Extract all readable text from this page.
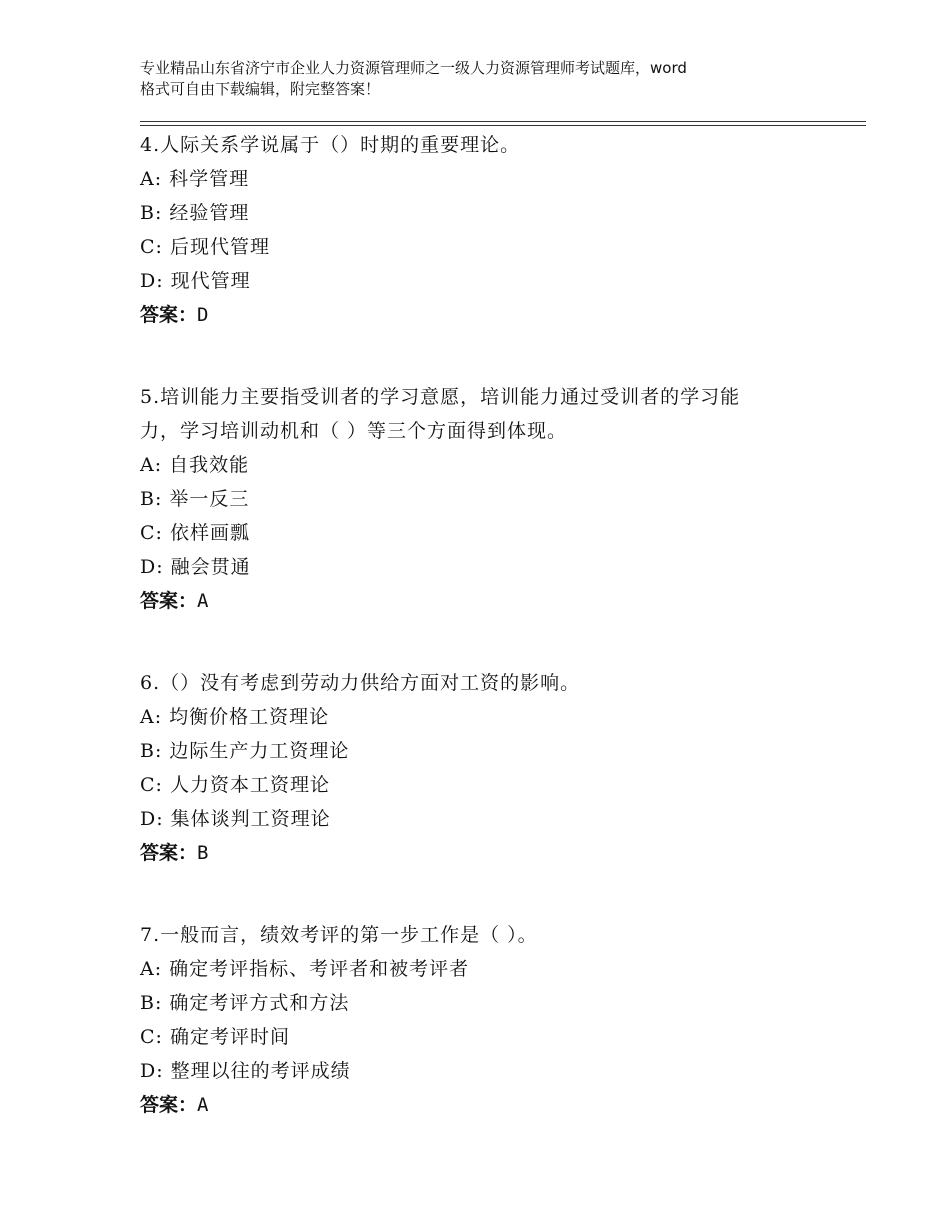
专业精品山东省济宁市企业人力资源管理师之一级人力资源管理师考试题库，word
格式可自由下载编辑，附完整答案！

4.人际关系学说属于（）时期的重要理论。

A: 科学管理

B: 经验管理

C: 后现代管理

D: 现代管理

答案：D

5.培训能力主要指受训者的学习意愿，培训能力通过受训者的学习能

力，学习培训动机和（ ）等三个方面得到体现。

A: 自我效能

B: 举一反三

C: 依样画瓢

D: 融会贯通

答案：A

6.（）没有考虑到劳动力供给方面对工资的影响。

A: 均衡价格工资理论

B: 边际生产力工资理论

C: 人力资本工资理论

D: 集体谈判工资理论

答案：B

7.一般而言，绩效考评的第一步工作是（ ）。

A: 确定考评指标、考评者和被考评者

B: 确定考评方式和方法

C: 确定考评时间

D: 整理以往的考评成绩

答案：A
